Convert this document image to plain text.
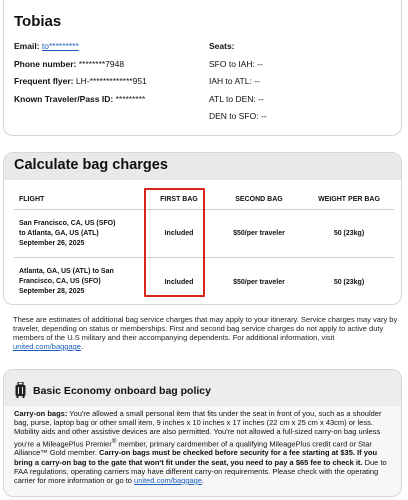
Tobias
Email: to*********
Phone number: ********7948
Frequent flyer: LH-*************951
Known Traveler/Pass ID: *********
Seats:
SFO to IAH: --
IAH to ATL: --
ATL to DEN: --
DEN to SFO: --
Calculate bag charges
FLIGHT	FIRST BAG	SECOND BAG	WEIGHT PER BAG
San Francisco, CA, US (SFO)
to Atlanta, GA, US (ATL)
September 26, 2025
Included	$50/per traveler	50 (23kg)
Atlanta, GA, US (ATL) to San
Francisco, CA, US (SFO)
September 28, 2025
Included	$50/per traveler	50 (23kg)
These are estimates of additional bag service charges that may apply to your itinerary. Service charges may vary by traveler, depending on status or memberships. First and second bag service charges do not apply to active duty members of the U.S military and their accompanying dependents. For additional information, visit united.com/baggage.
Basic Economy onboard bag policy
Carry-on bags: You're allowed a small personal item that fits under the seat in front of you, such as a shoulder bag, purse, laptop bag or other small item, 9 inches x 10 inches x 17 inches (22 cm x 25 cm x 43cm) or less. Mobility aids and other assistive devices are also permitted. You're not allowed a full-sized carry-on bag unless you're a MileagePlus Premier® member, primary cardmember of a qualifying MileagePlus credit card or Star Alliance™ Gold member. Carry-on bags must be checked before security for a fee starting at $35. If you bring a carry-on bag to the gate that won't fit under the seat, you need to pay a $65 fee to check it. Due to FAA regulations, operating carriers may have different carry-on requirements. Please check with the operating carrier for more information or go to united.com/baggage.
